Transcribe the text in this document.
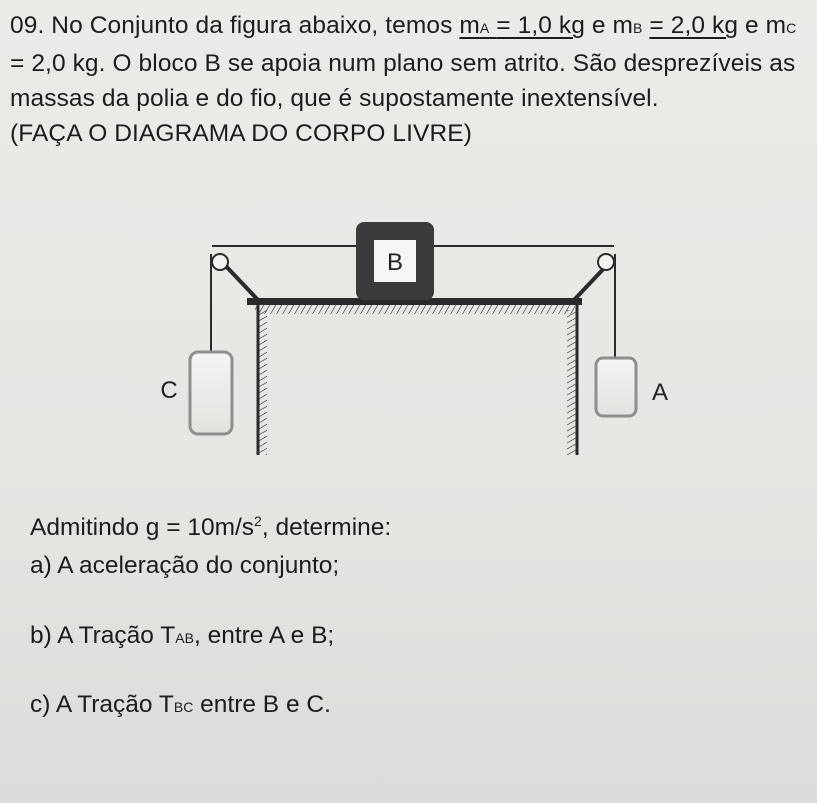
09. No Conjunto da figura abaixo, temos mA = 1,0 kg e mB = 2,0 kg e mC = 2,0 kg. O bloco B se apoia num plano sem atrito. São desprezíveis as massas da polia e do fio, que é supostamente inextensível.

(FAÇA O DIAGRAMA DO CORPO LIVRE)

B
C	A
Admitindo $g = 10m/s^2$, determine:
a) A aceleração do conjunto;
b) A Tração TAB, entre A e B;
c) A Tração TBC entre B e C.
